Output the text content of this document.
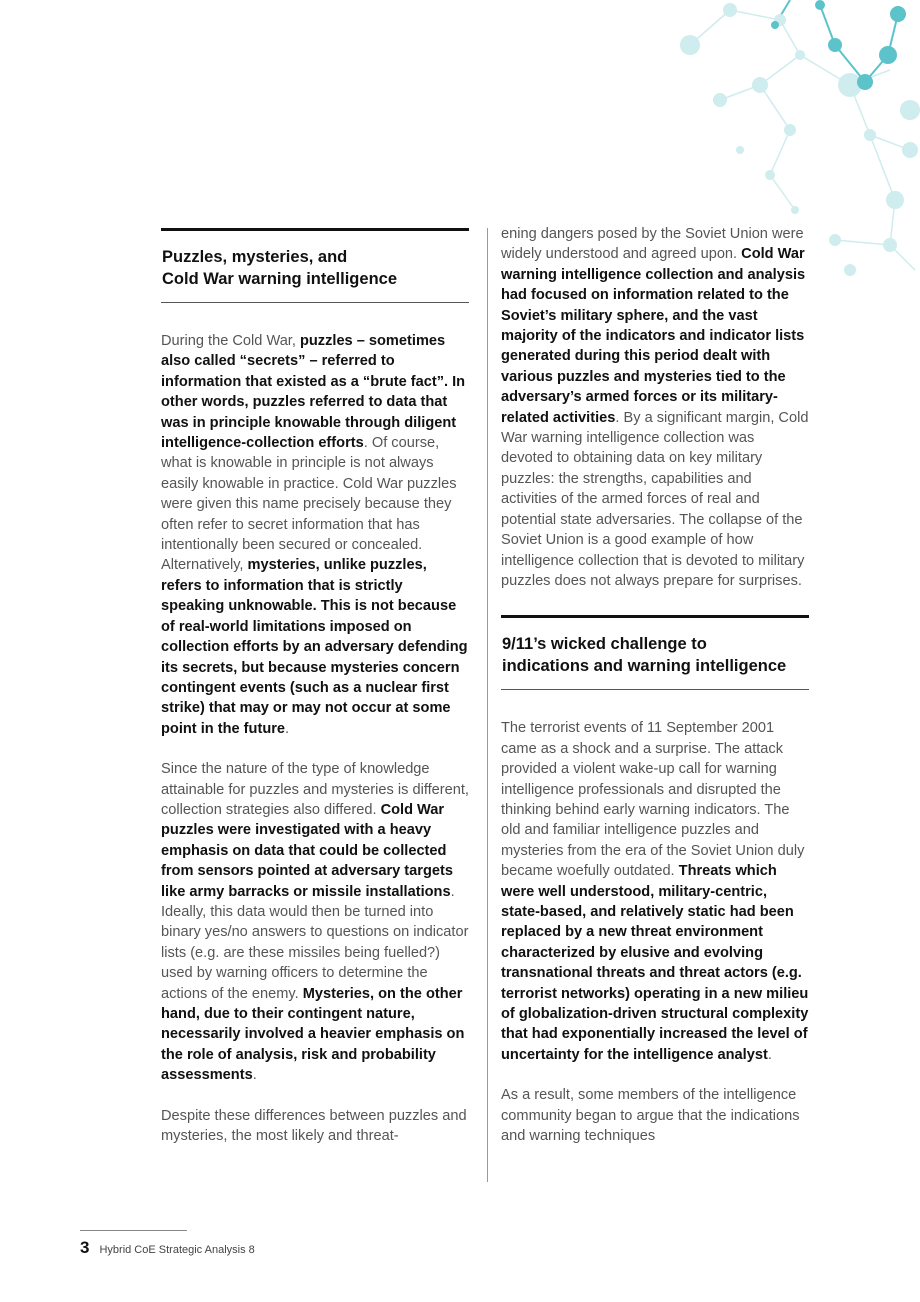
Puzzles, mysteries, and
Cold War warning intelligence

During the Cold War, puzzles – sometimes also called “secrets” – referred to information that existed as a “brute fact”. In other words, puzzles referred to data that was in principle knowable through diligent intelligence-collection efforts. Of course, what is knowable in principle is not always easily knowable in practice. Cold War puzzles were given this name precisely because they often refer to secret information that has intentionally been secured or concealed. Alternatively, mysteries, unlike puzzles, refers to information that is strictly speaking unknowable. This is not because of real-world limitations imposed on collection efforts by an adversary defending its secrets, but because mysteries concern contingent events (such as a nuclear first strike) that may or may not occur at some point in the future.

Since the nature of the type of knowledge attainable for puzzles and mysteries is different, collection strategies also differed. Cold War puzzles were investigated with a heavy emphasis on data that could be collected from sensors pointed at adversary targets like army barracks or missile installations. Ideally, this data would then be turned into binary yes/no answers to questions on indicator lists (e.g. are these missiles being fuelled?) used by warning officers to determine the actions of the enemy. Mysteries, on the other hand, due to their contingent nature, necessarily involved a heavier emphasis on the role of analysis, risk and probability assessments.

Despite these differences between puzzles and mysteries, the most likely and threat-

ening dangers posed by the Soviet Union were widely understood and agreed upon. Cold War warning intelligence collection and analysis had focused on information related to the Soviet’s military sphere, and the vast majority of the indicators and indicator lists generated during this period dealt with various puzzles and mysteries tied to the adversary’s armed forces or its military-related activities. By a significant margin, Cold War warning intelligence collection was devoted to obtaining data on key military puzzles: the strengths, capabilities and activities of the armed forces of real and potential state adversaries. The collapse of the Soviet Union is a good example of how intelligence collection that is devoted to military puzzles does not always prepare for surprises.

9/11’s wicked challenge to
indications and warning intelligence

The terrorist events of 11 September 2001 came as a shock and a surprise. The attack provided a violent wake-up call for warning intelligence professionals and disrupted the thinking behind early warning indicators. The old and familiar intelligence puzzles and mysteries from the era of the Soviet Union duly became woefully outdated. Threats which were well understood, military-centric, state-based, and relatively static had been replaced by a new threat environment characterized by elusive and evolving transnational threats and threat actors (e.g. terrorist networks) operating in a new milieu of globalization-driven structural complexity that had exponentially increased the level of uncertainty for the intelligence analyst.

As a result, some members of the intelligence community began to argue that the indications and warning techniques

3 Hybrid CoE Strategic Analysis 8
